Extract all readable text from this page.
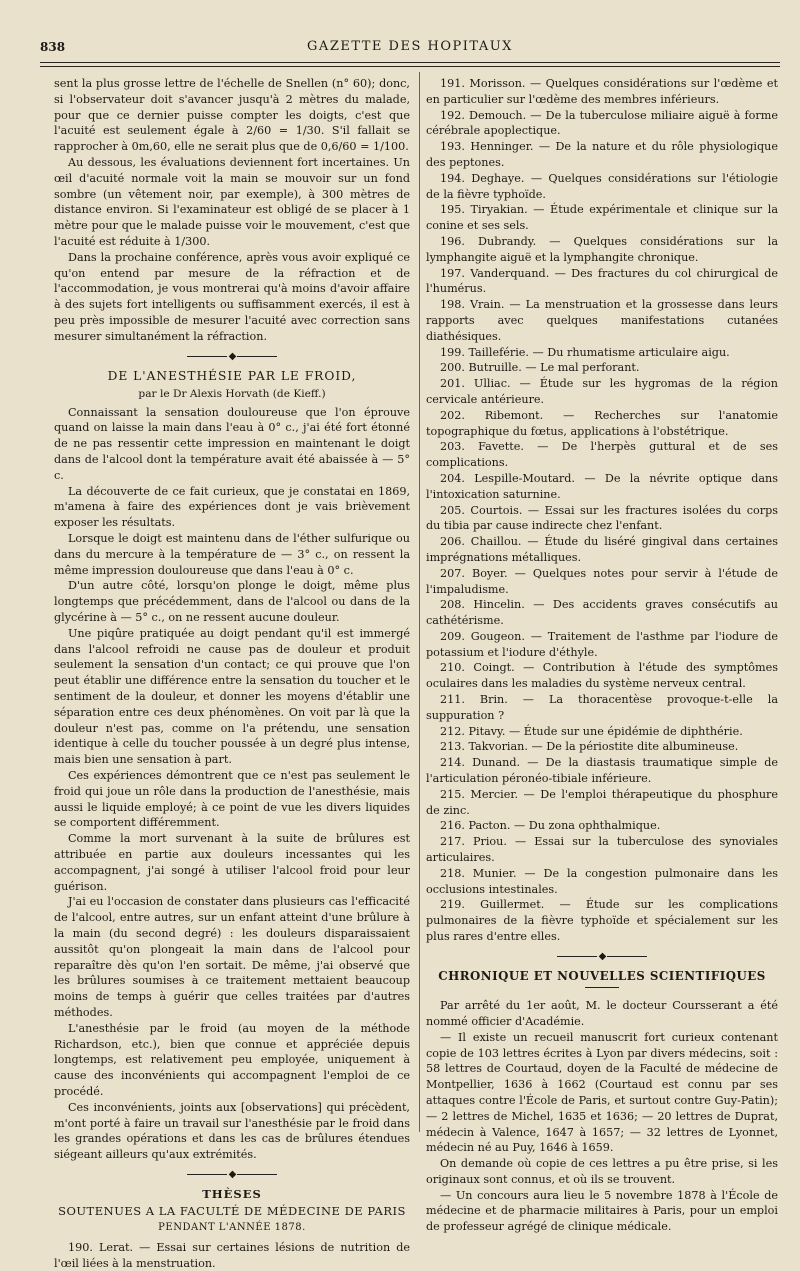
838	GAZETTE DES HOPITAUX

sent la plus grosse lettre de l'échelle de Snellen (n° 60); donc, si l'observateur doit s'avancer jusqu'à 2 mètres du malade, pour que ce dernier puisse compter les doigts, c'est que l'acuité est seulement égale à 2/60 = 1/30. S'il fallait se rapprocher à 0m,60, elle ne serait plus que de 0,6/60 = 1/100.

Au dessous, les évaluations deviennent fort incertaines. Un œil d'acuité normale voit la main se mouvoir sur un fond sombre (un vêtement noir, par exemple), à 300 mètres de distance environ. Si l'examinateur est obligé de se placer à 1 mètre pour que le malade puisse voir le mouvement, c'est que l'acuité est réduite à 1/300.

Dans la prochaine conférence, après vous avoir expliqué ce qu'on entend par mesure de la réfraction et de l'accommodation, je vous montrerai qu'à moins d'avoir affaire à des sujets fort intelligents ou suffisamment exercés, il est à peu près impossible de mesurer l'acuité avec correction sans mesurer simultanément la réfraction.

◆
DE L'ANESTHÉSIE PAR LE FROID,
par le Dr Alexis Horvath (de Kieff.)

Connaissant la sensation douloureuse que l'on éprouve quand on laisse la main dans l'eau à 0° c., j'ai été fort étonné de ne pas ressentir cette impression en maintenant le doigt dans de l'alcool dont la température avait été abaissée à — 5° c.

La découverte de ce fait curieux, que je constatai en 1869, m'amena à faire des expériences dont je vais brièvement exposer les résultats.

Lorsque le doigt est maintenu dans de l'éther sulfurique ou dans du mercure à la température de — 3° c., on ressent la même impression douloureuse que dans l'eau à 0° c.

D'un autre côté, lorsqu'on plonge le doigt, même plus longtemps que précédemment, dans de l'alcool ou dans de la glycérine à — 5° c., on ne ressent aucune douleur.

Une piqûre pratiquée au doigt pendant qu'il est immergé dans l'alcool refroidi ne cause pas de douleur et produit seulement la sensation d'un contact; ce qui prouve que l'on peut établir une différence entre la sensation du toucher et le sentiment de la douleur, et donner les moyens d'établir une séparation entre ces deux phénomènes. On voit par là que la douleur n'est pas, comme on l'a prétendu, une sensation identique à celle du toucher poussée à un degré plus intense, mais bien une sensation à part.

Ces expériences démontrent que ce n'est pas seulement le froid qui joue un rôle dans la production de l'anesthésie, mais aussi le liquide employé; à ce point de vue les divers liquides se comportent différemment.

Comme la mort survenant à la suite de brûlures est attribuée en partie aux douleurs incessantes qui les accompagnent, j'ai songé à utiliser l'alcool froid pour leur guérison.

J'ai eu l'occasion de constater dans plusieurs cas l'efficacité de l'alcool, entre autres, sur un enfant atteint d'une brûlure à la main (du second degré) : les douleurs disparaissaient aussitôt qu'on plongeait la main dans de l'alcool pour reparaître dès qu'on l'en sortait. De même, j'ai observé que les brûlures soumises à ce traitement mettaient beaucoup moins de temps à guérir que celles traitées par d'autres méthodes.

L'anesthésie par le froid (au moyen de la méthode Richardson, etc.), bien que connue et appréciée depuis longtemps, est relativement peu employée, uniquement à cause des inconvénients qui accompagnent l'emploi de ce procédé.

Ces inconvénients, joints aux [observations] qui précèdent, m'ont porté à faire un travail sur l'anesthésie par le froid dans les grandes opérations et dans les cas de brûlures étendues siégeant ailleurs qu'aux extrémités.

◆
THÈSES
SOUTENUES A LA FACULTÉ DE MÉDECINE DE PARIS
PENDANT L'ANNÉE 1878.

190. Lerat. — Essai sur certaines lésions de nutrition de l'œil liées à la menstruation.

191. Morisson. — Quelques considérations sur l'œdème et en particulier sur l'œdème des membres inférieurs.

192. Demouch. — De la tuberculose miliaire aiguë à forme cérébrale apoplectique.

193. Henninger. — De la nature et du rôle physiologique des peptones.

194. Deghaye. — Quelques considérations sur l'étiologie de la fièvre typhoïde.

195. Tiryakian. — Étude expérimentale et clinique sur la conine et ses sels.

196. Dubrandy. — Quelques considérations sur la lymphangite aiguë et la lymphangite chronique.

197. Vanderquand. — Des fractures du col chirurgical de l'humérus.

198. Vrain. — La menstruation et la grossesse dans leurs rapports avec quelques manifestations cutanées diathésiques.

199. Tailleférie. — Du rhumatisme articulaire aigu.

200. Butruille. — Le mal perforant.

201. Ulliac. — Étude sur les hygromas de la région cervicale antérieure.

202. Ribemont. — Recherches sur l'anatomie topographique du fœtus, applications à l'obstétrique.

203. Favette. — De l'herpès guttural et de ses complications.

204. Lespille-Moutard. — De la névrite optique dans l'intoxication saturnine.

205. Courtois. — Essai sur les fractures isolées du corps du tibia par cause indirecte chez l'enfant.

206. Chaillou. — Étude du liséré gingival dans certaines imprégnations métalliques.

207. Boyer. — Quelques notes pour servir à l'étude de l'impaludisme.

208. Hincelin. — Des accidents graves consécutifs au cathétérisme.

209. Gougeon. — Traitement de l'asthme par l'iodure de potassium et l'iodure d'éthyle.

210. Coingt. — Contribution à l'étude des symptômes oculaires dans les maladies du système nerveux central.

211. Brin. — La thoracentèse provoque-t-elle la suppuration ?

212. Pitavy. — Étude sur une épidémie de diphthérie.

213. Takvorian. — De la périostite dite albumineuse.

214. Dunand. — De la diastasis traumatique simple de l'articulation péronéo-tibiale inférieure.

215. Mercier. — De l'emploi thérapeutique du phosphure de zinc.

216. Pacton. — Du zona ophthalmique.

217. Priou. — Essai sur la tuberculose des synoviales articulaires.

218. Munier. — De la congestion pulmonaire dans les occlusions intestinales.

219. Guillermet. — Étude sur les complications pulmonaires de la fièvre typhoïde et spécialement sur les plus rares d'entre elles.

◆
CHRONIQUE ET NOUVELLES SCIENTIFIQUES

Par arrêté du 1er août, M. le docteur Coursserant a été nommé officier d'Académie.

— Il existe un recueil manuscrit fort curieux contenant copie de 103 lettres écrites à Lyon par divers médecins, soit : 58 lettres de Courtaud, doyen de la Faculté de médecine de Montpellier, 1636 à 1662 (Courtaud est connu par ses attaques contre l'École de Paris, et surtout contre Guy-Patin); — 2 lettres de Michel, 1635 et 1636; — 20 lettres de Duprat, médecin à Valence, 1647 à 1657; — 32 lettres de Lyonnet, médecin né au Puy, 1646 à 1659.

On demande où copie de ces lettres a pu être prise, si les originaux sont connus, et où ils se trouvent.

— Un concours aura lieu le 5 novembre 1878 à l'École de médecine et de pharmacie militaires à Paris, pour un emploi de professeur agrégé de clinique médicale.
